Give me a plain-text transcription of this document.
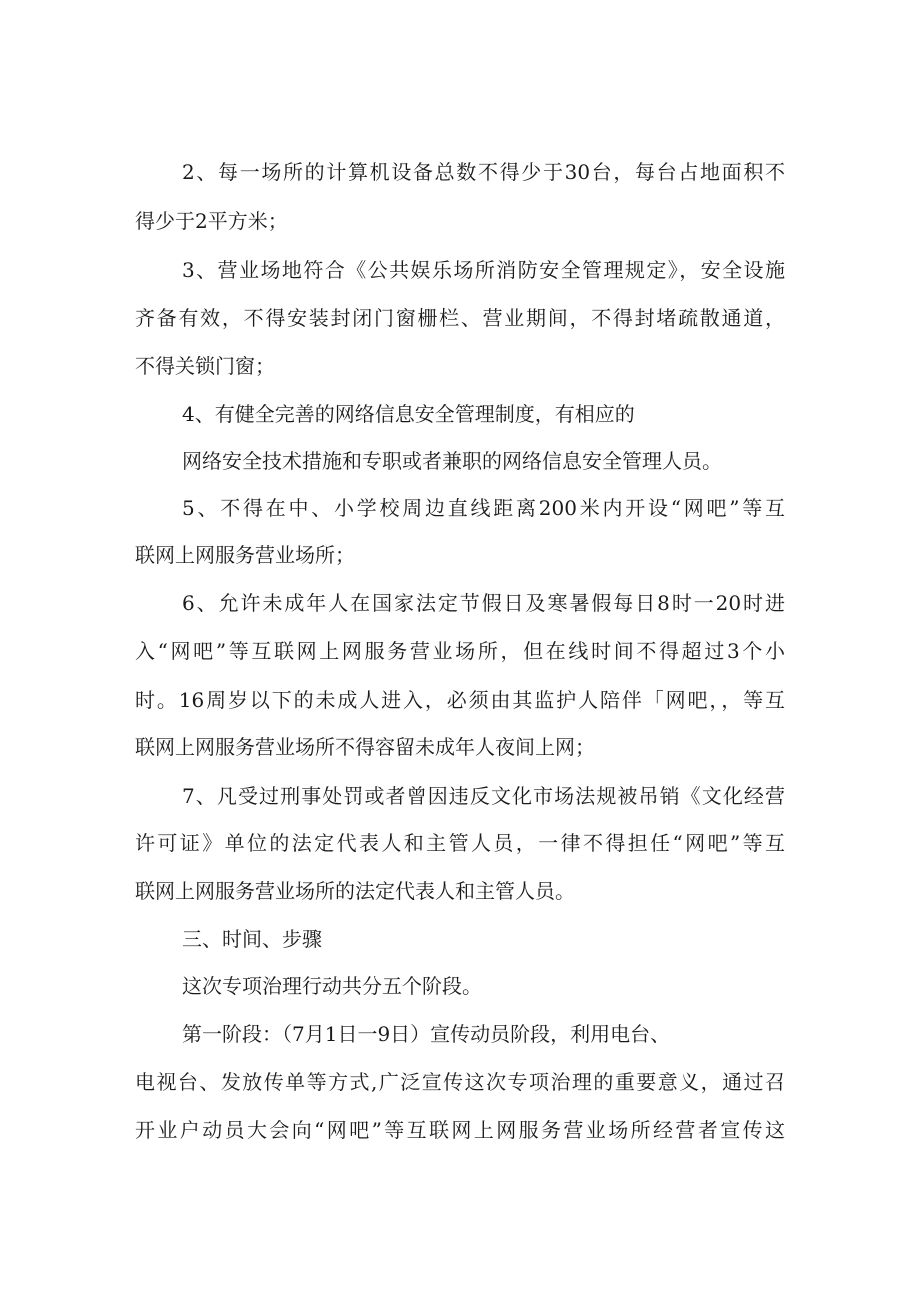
2、每一场所的计算机设备总数不得少于30台，每台占地面积不
得少于2平方米；
3、营业场地符合《公共娱乐场所消防安全管理规定》，安全设施
齐备有效，不得安装封闭门窗栅栏、营业期间，不得封堵疏散通道，
不得关锁门窗；
4、有健全完善的网络信息安全管理制度，有相应的
网络安全技术措施和专职或者兼职的网络信息安全管理人员。
5、不得在中、小学校周边直线距离200米内开设“网吧”等互
联网上网服务营业场所；
6、允许未成年人在国家法定节假日及寒暑假每日8时一20时进
入“网吧”等互联网上网服务营业场所，但在线时间不得超过3个小
时。16周岁以下的未成人进入，必须由其监护人陪伴「网吧，，等互
联网上网服务营业场所不得容留未成年人夜间上网；
7、凡受过刑事处罚或者曾因违反文化市场法规被吊销《文化经营
许可证》单位的法定代表人和主管人员，一律不得担任“网吧”等互
联网上网服务营业场所的法定代表人和主管人员。
三、时间、步骤
这次专项治理行动共分五个阶段。
第一阶段：（7月1日一9日）宣传动员阶段，利用电台、
电视台、发放传单等方式,广泛宣传这次专项治理的重要意义，通过召
开业户动员大会向“网吧”等互联网上网服务营业场所经营者宣传这
